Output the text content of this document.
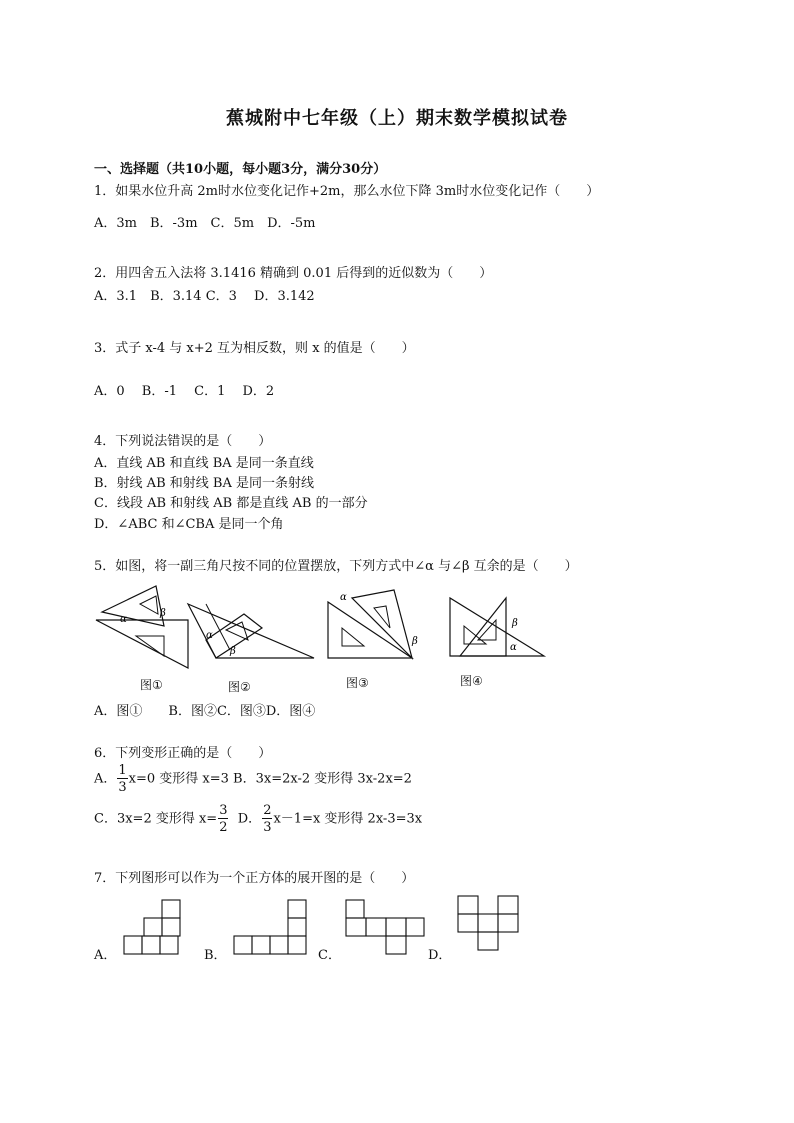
蕉城附中七年级（上）期末数学模拟试卷
一、选择题（共10小题，每小题3分，满分30分）
1．如果水位升高 2m时水位变化记作+2m，那么水位下降 3m时水位变化记作（　　）
A．3m　B．-3m　C．5m　D．-5m
2．用四舍五入法将 3.1416 精确到 0.01 后得到的近似数为（　　）
A．3.1　B．3.14 C．3　 D．3.142
3．式子 x-4 与 x+2 互为相反数，则 x 的值是（　　）
A．0　 B．-1　 C．1　 D．2
4．下列说法错误的是（　　）
A．直线 AB 和直线 BA 是同一条直线
B．射线 AB 和射线 BA 是同一条射线
C．线段 AB 和射线 AB 都是直线 AB 的一部分
D．∠ABC 和∠CBA 是同一个角
5．如图，将一副三角尺按不同的位置摆放，下列方式中∠α 与∠β 互余的是（　　）
α
β
图①
α
β
图②
α
β
图③
β
α
图④
A．图①　　B．图②C．图③D．图④
6．下列变形正确的是（　　）
A． $\frac{1}{3} x=0$ 变形得 x=3 B．3x=2x-2 变形得 3x-2x=2
C．3x=2 变形得 $x= \frac{3}{2}$ D． $\frac{2}{3} x-1=x$ 变形得 2x-3=3x
7．下列图形可以作为一个正方体的展开图的是（　　）
A．	B．	C．	D．
